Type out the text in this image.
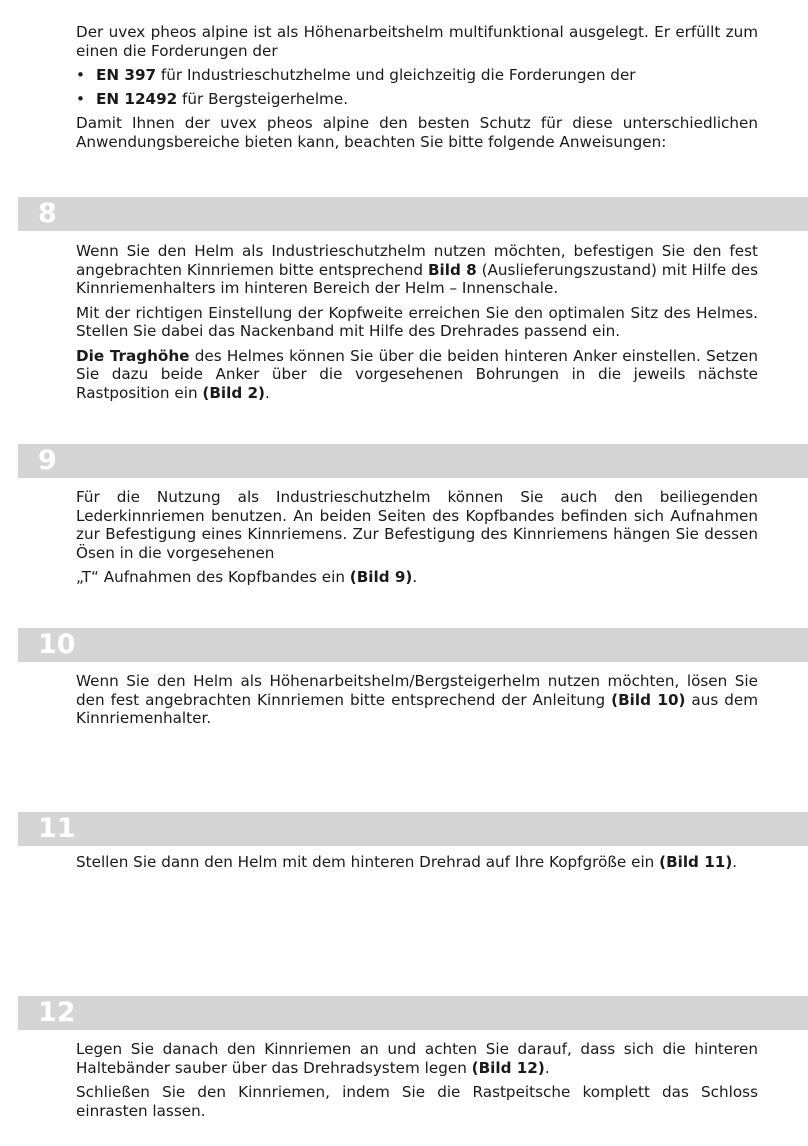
Der uvex pheos alpine ist als Höhenarbeitshelm multifunktional ausgelegt. Er erfüllt zum einen die Forderungen der

• EN 397 für Industrieschutzhelme und gleichzeitig die Forderungen der
• EN 12492 für Bergsteigerhelme.

Damit Ihnen der uvex pheos alpine den besten Schutz für diese unterschiedlichen Anwendungsbereiche bieten kann, beachten Sie bitte folgende Anweisungen:

8

Wenn Sie den Helm als Industrieschutzhelm nutzen möchten, befestigen Sie den fest angebrachten Kinnriemen bitte entsprechend Bild 8 (Auslieferungszustand) mit Hilfe des Kinnriemenhalters im hinteren Bereich der Helm – Innenschale.

Mit der richtigen Einstellung der Kopfweite erreichen Sie den optimalen Sitz des Helmes. Stellen Sie dabei das Nackenband mit Hilfe des Drehrades passend ein.

Die Traghöhe des Helmes können Sie über die beiden hinteren Anker einstellen. Setzen Sie dazu beide Anker über die vorgesehenen Bohrungen in die jeweils nächste Rastposition ein (Bild 2).

9

Für die Nutzung als Industrieschutzhelm können Sie auch den beiliegenden Lederkinnriemen benutzen. An beiden Seiten des Kopfbandes befinden sich Aufnahmen zur Befestigung eines Kinnriemens. Zur Befestigung des Kinnriemens hängen Sie dessen Ösen in die vorgesehenen

„T“ Aufnahmen des Kopfbandes ein (Bild 9).

10

Wenn Sie den Helm als Höhenarbeitshelm/Bergsteigerhelm nutzen möchten, lösen Sie den fest angebrachten Kinnriemen bitte entsprechend der Anleitung (Bild 10) aus dem Kinnriemenhalter.

11

Stellen Sie dann den Helm mit dem hinteren Drehrad auf Ihre Kopfgröße ein (Bild 11).

12

Legen Sie danach den Kinnriemen an und achten Sie darauf, dass sich die hinteren Haltebänder sauber über das Drehradsystem legen (Bild 12).

Schließen Sie den Kinnriemen, indem Sie die Rastpeitsche komplett das Schloss einrasten lassen.
